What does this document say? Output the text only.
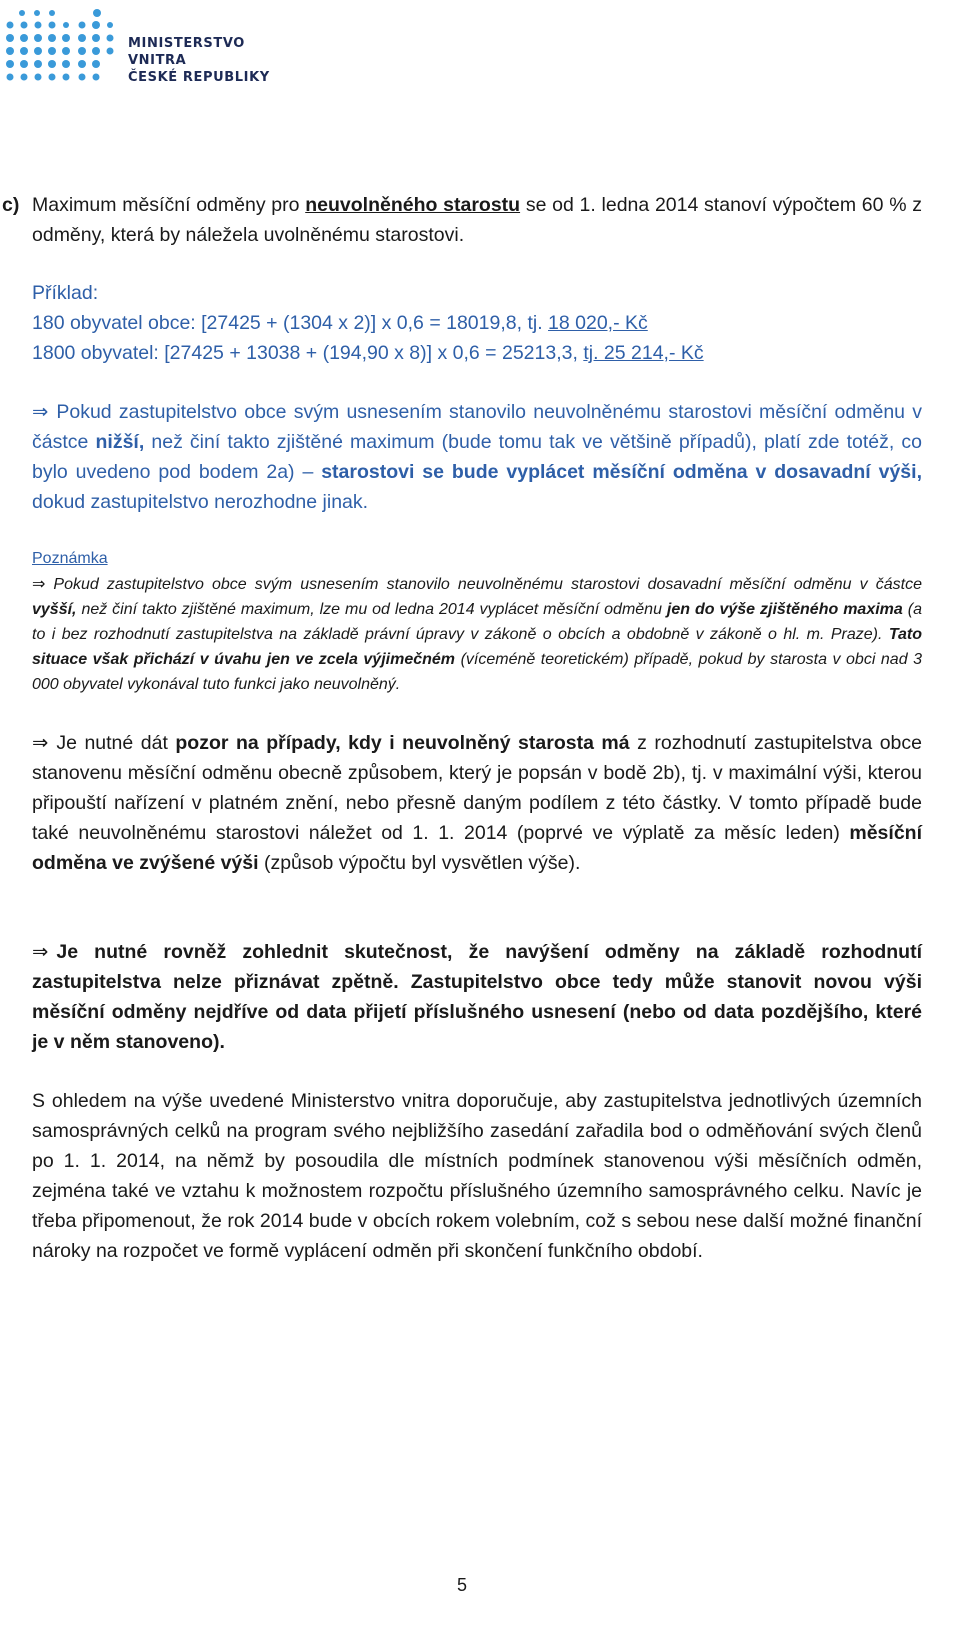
MINISTERSTVO VNITRA
ČESKÉ REPUBLIKY
c) Maximum měsíční odměny pro neuvolněného starostu se od 1. ledna 2014 stanoví výpočtem 60 % z odměny, která by náležela uvolněnému starostovi.
Příklad:
180 obyvatel obce: [27425 + (1304 x 2)] x 0,6 = 18019,8, tj. 18 020,- Kč
1800 obyvatel: [27425 + 13038 + (194,90 x 8)] x 0,6 = 25213,3, tj. 25 214,- Kč
⇒ Pokud zastupitelstvo obce svým usnesením stanovilo neuvolněnému starostovi měsíční odměnu v částce nižší, než činí takto zjištěné maximum (bude tomu tak ve většině případů), platí zde totéž, co bylo uvedeno pod bodem 2a) – starostovi se bude vyplácet měsíční odměna v dosavadní výši, dokud zastupitelstvo nerozhodne jinak.
Poznámka
⇒ Pokud zastupitelstvo obce svým usnesením stanovilo neuvolněnému starostovi dosavadní měsíční odměnu v částce vyšší, než činí takto zjištěné maximum, lze mu od ledna 2014 vyplácet měsíční odměnu jen do výše zjištěného maxima (a to i bez rozhodnutí zastupitelstva na základě právní úpravy v zákoně o obcích a obdobně v zákoně o hl. m. Praze). Tato situace však přichází v úvahu jen ve zcela výjimečném (víceméně teoretickém) případě, pokud by starosta v obci nad 3 000 obyvatel vykonával tuto funkci jako neuvolněný.
⇒ Je nutné dát pozor na případy, kdy i neuvolněný starosta má z rozhodnutí zastupitelstva obce stanovenu měsíční odměnu obecně způsobem, který je popsán v bodě 2b), tj. v maximální výši, kterou připouští nařízení v platném znění, nebo přesně daným podílem z této částky. V tomto případě bude také neuvolněnému starostovi náležet od 1. 1. 2014 (poprvé ve výplatě za měsíc leden) měsíční odměna ve zvýšené výši (způsob výpočtu byl vysvětlen výše).
⇒ Je nutné rovněž zohlednit skutečnost, že navýšení odměny na základě rozhodnutí zastupitelstva nelze přiznávat zpětně. Zastupitelstvo obce tedy může stanovit novou výši měsíční odměny nejdříve od data přijetí příslušného usnesení (nebo od data pozdějšího, které je v něm stanoveno).
S ohledem na výše uvedené Ministerstvo vnitra doporučuje, aby zastupitelstva jednotlivých územních samosprávných celků na program svého nejbližšího zasedání zařadila bod o odměňování svých členů po 1. 1. 2014, na němž by posoudila dle místních podmínek stanovenou výši měsíčních odměn, zejména také ve vztahu k možnostem rozpočtu příslušného územního samosprávného celku. Navíc je třeba připomenout, že rok 2014 bude v obcích rokem volebním, což s sebou nese další možné finanční nároky na rozpočet ve formě vyplácení odměn při skončení funkčního období.
5
